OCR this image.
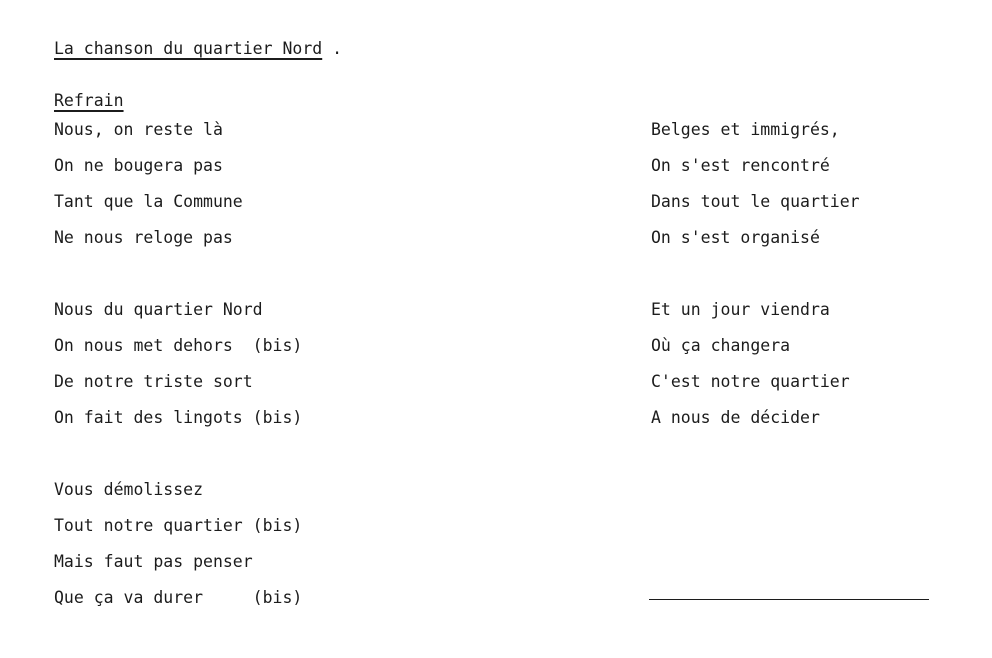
La chanson du quartier Nord .
Refrain
Nous, on reste là
On ne bougera pas
Tant que la Commune
Ne nous reloge pas
Nous du quartier Nord
On nous met dehors  (bis)
De notre triste sort
On fait des lingots (bis)
Vous démolissez
Tout notre quartier (bis)
Mais faut pas penser
Que ça va durer     (bis)
Belges et immigrés,
On s'est rencontré
Dans tout le quartier
On s'est organisé
Et un jour viendra
Où ça changera
C'est notre quartier
A nous de décider
